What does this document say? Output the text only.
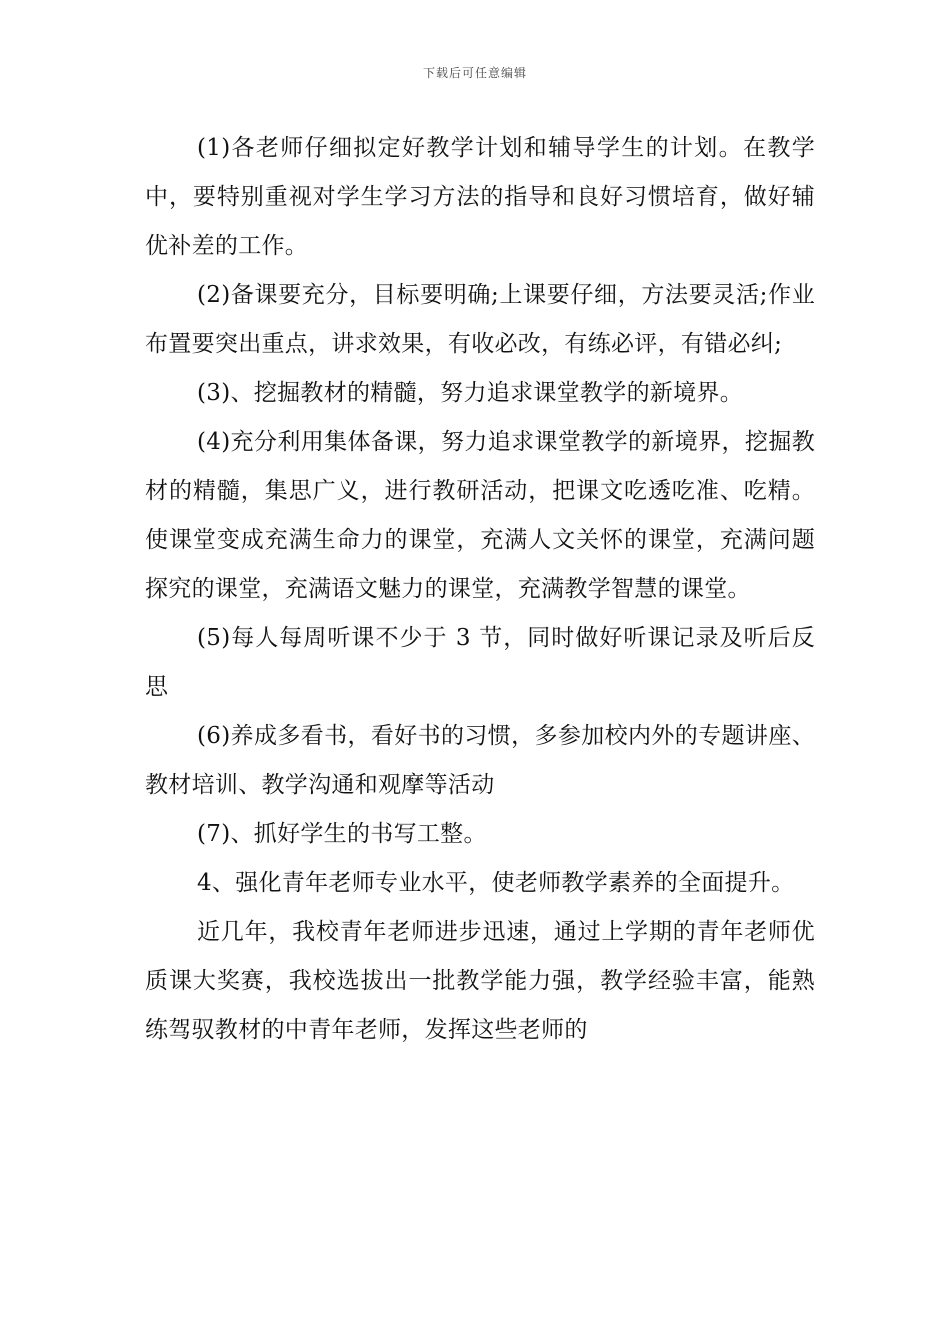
下载后可任意编辑

(1)各老师仔细拟定好教学计划和辅导学生的计划。在教学中，要特别重视对学生学习方法的指导和良好习惯培育，做好辅优补差的工作。

(2)备课要充分，目标要明确;上课要仔细，方法要灵活;作业布置要突出重点，讲求效果，有收必改，有练必评，有错必纠;

(3)、挖掘教材的精髓，努力追求课堂教学的新境界。

(4)充分利用集体备课，努力追求课堂教学的新境界，挖掘教材的精髓，集思广义，进行教研活动，把课文吃透吃准、吃精。使课堂变成充满生命力的课堂，充满人文关怀的课堂，充满问题探究的课堂，充满语文魅力的课堂，充满教学智慧的课堂。

(5)每人每周听课不少于 3 节，同时做好听课记录及听后反思

(6)养成多看书，看好书的习惯，多参加校内外的专题讲座、教材培训、教学沟通和观摩等活动

(7)、抓好学生的书写工整。

4、强化青年老师专业水平，使老师教学素养的全面提升。

近几年，我校青年老师进步迅速，通过上学期的青年老师优质课大奖赛，我校选拔出一批教学能力强，教学经验丰富，能熟练驾驭教材的中青年老师，发挥这些老师的
